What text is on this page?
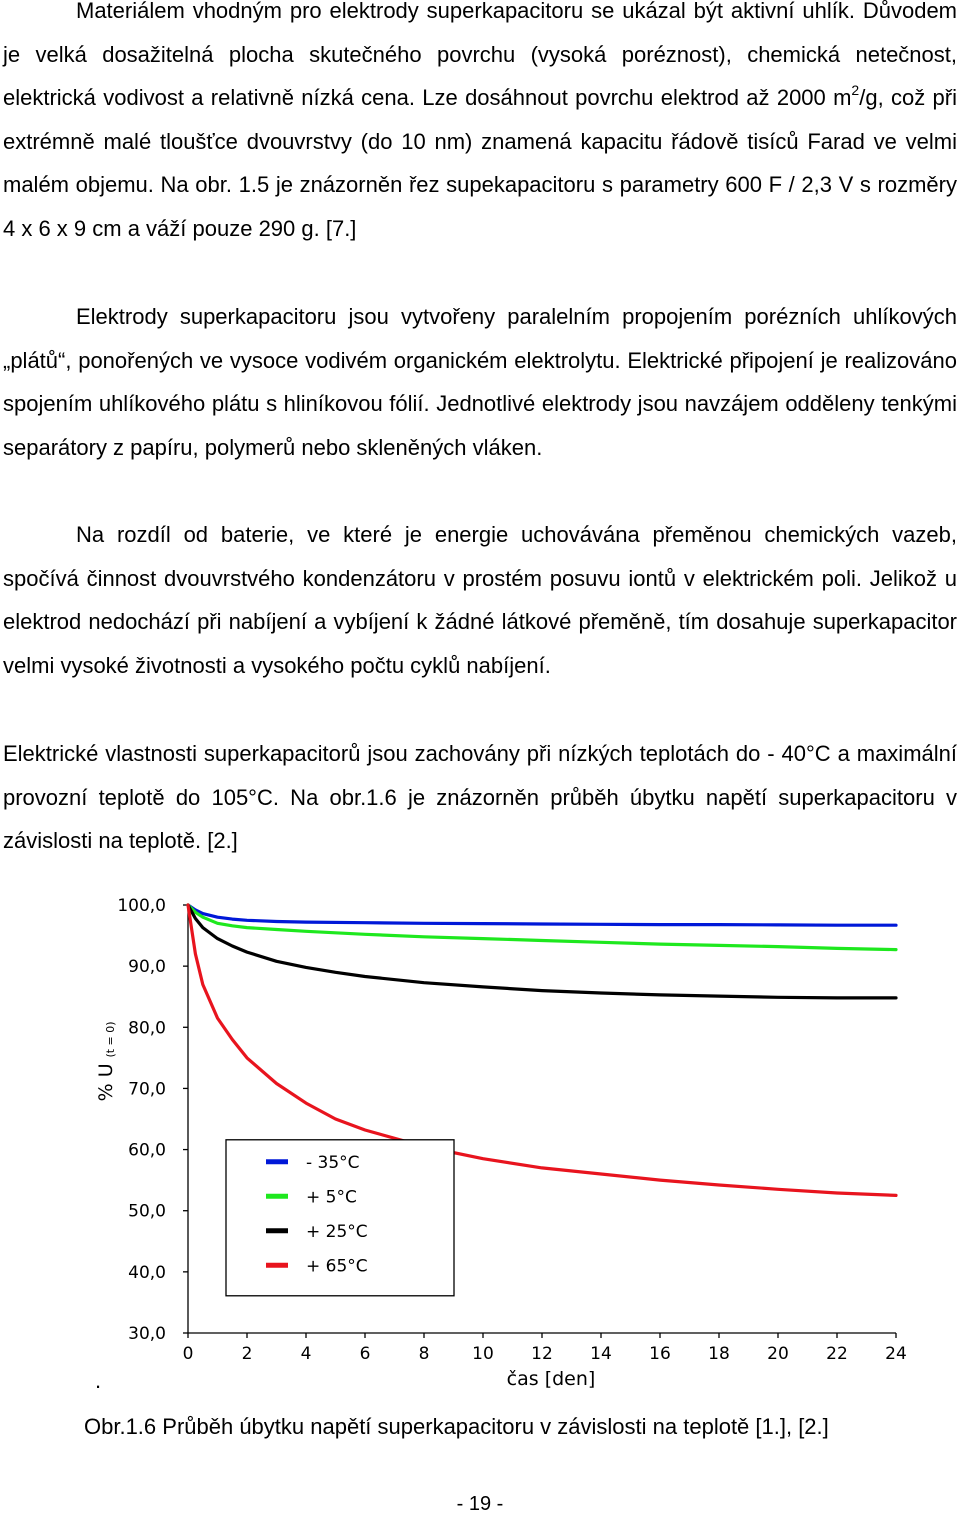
Materiálem vhodným pro elektrody superkapacitoru se ukázal být aktivní uhlík. Důvodem je velká dosažitelná plocha skutečného povrchu (vysoká poréznost), chemická netečnost, elektrická vodivost a relativně nízká cena. Lze dosáhnout povrchu elektrod až 2000 $m^2/g$, což při extrémně malé tloušťce dvouvrstvy (do 10 nm) znamená kapacitu řádově tisíců Farad ve velmi malém objemu. Na obr. 1.5 je znázorněn řez supekapacitoru s parametry 600 F / 2,3 V s rozměry 4 x 6 x 9 cm a váží pouze 290 g. [7.]

Elektrody superkapacitoru jsou vytvořeny paralelním propojením porézních uhlíkových „plátů“, ponořených ve vysoce vodivém organickém elektrolytu. Elektrické připojení je realizováno spojením uhlíkového plátu s hliníkovou fólií. Jednotlivé elektrody jsou navzájem odděleny tenkými separátory z papíru, polymerů nebo skleněných vláken.

Na rozdíl od baterie, ve které je energie uchovávána přeměnou chemických vazeb, spočívá činnost dvouvrstvého kondenzátoru v prostém posuvu iontů v elektrickém poli. Jelikož u elektrod nedochází při nabíjení a vybíjení k žádné látkové přeměně, tím dosahuje superkapacitor velmi vysoké životnosti a vysokého počtu cyklů nabíjení.

Elektrické vlastnosti superkapacitorů jsou zachovány při nízkých teplotách do - 40°C a maximální provozní teplotě do 105°C. Na obr.1.6 je znázorněn průběh úbytku napětí superkapacitoru v závislosti na teplotě. [2.]

30,0
40,0
50,0
60,0
70,0
80,0
90,0
100,0
0	2	4	6	8	10 12 14 16 18 20 22 24
čas [den]
% U
(t = 0)
- 35°C
+ 5°C
+ 25°C
+ 65°C
.
Obr.1.6 Průběh úbytku napětí superkapacitoru v závislosti na teplotě [1.], [2.]
- 19 -
